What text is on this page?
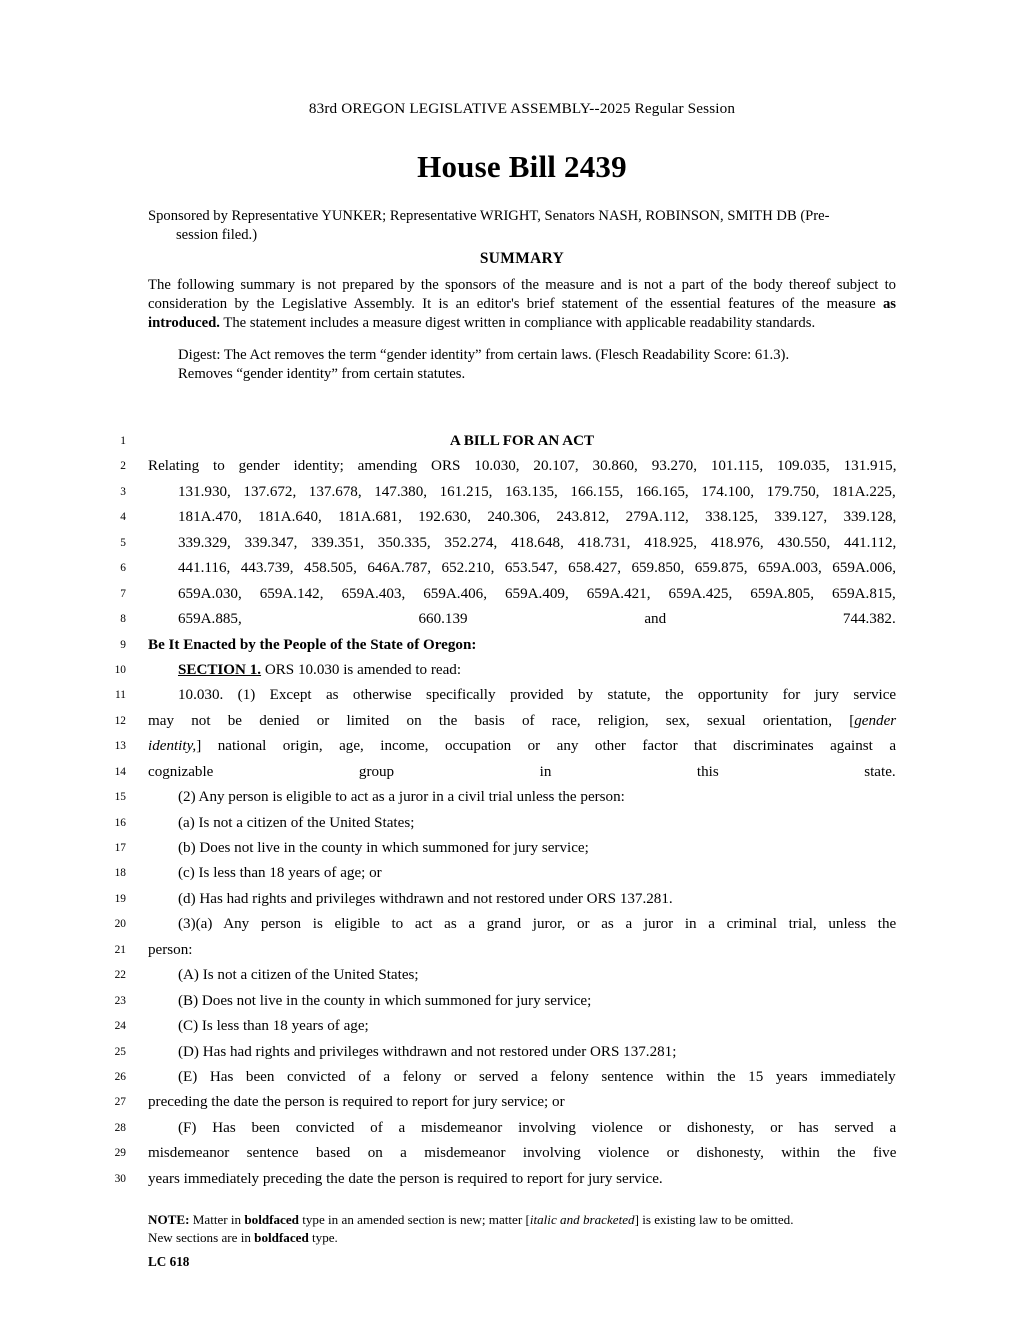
83rd OREGON LEGISLATIVE ASSEMBLY--2025 Regular Session
House Bill 2439
Sponsored by Representative YUNKER; Representative WRIGHT, Senators NASH, ROBINSON, SMITH DB (Pre-
session filed.)
SUMMARY

The following summary is not prepared by the sponsors of the measure and is not a part of the body thereof subject to consideration by the Legislative Assembly. It is an editor's brief statement of the essential features of the measure as introduced. The statement includes a measure digest written in compliance with applicable readability standards.

Digest: The Act removes the term “gender identity” from certain laws. (Flesch Readability Score: 61.3).

Removes “gender identity” from certain statutes.

1	A BILL FOR AN ACT
2 Relating to gender identity; amending ORS 10.030, 20.107, 30.860, 93.270, 101.115, 109.035, 131.915,
3	131.930, 137.672, 137.678, 147.380, 161.215, 163.135, 166.155, 166.165, 174.100, 179.750, 181A.225,
4	181A.470, 181A.640, 181A.681, 192.630, 240.306, 243.812, 279A.112, 338.125, 339.127, 339.128,
5	339.329, 339.347, 339.351, 350.335, 352.274, 418.648, 418.731, 418.925, 418.976, 430.550, 441.112,
6	441.116, 443.739, 458.505, 646A.787, 652.210, 653.547, 658.427, 659.850, 659.875, 659A.003, 659A.006,
7	659A.030, 659A.142, 659A.403, 659A.406, 659A.409, 659A.421, 659A.425, 659A.805, 659A.815,
8	659A.885, 660.139 and 744.382.
9 Be It Enacted by the People of the State of Oregon:
10	SECTION 1. ORS 10.030 is amended to read:
11	10.030. (1) Except as otherwise specifically provided by statute, the opportunity for jury service
12 may not be denied or limited on the basis of race, religion, sex, sexual orientation, [gender
13 identity,] national origin, age, income, occupation or any other factor that discriminates against a
14 cognizable group in this state.
15	(2) Any person is eligible to act as a juror in a civil trial unless the person:
16	(a) Is not a citizen of the United States;
17	(b) Does not live in the county in which summoned for jury service;
18	(c) Is less than 18 years of age; or
19	(d) Has had rights and privileges withdrawn and not restored under ORS 137.281.
20	(3)(a) Any person is eligible to act as a grand juror, or as a juror in a criminal trial, unless the
21 person:
22	(A) Is not a citizen of the United States;
23	(B) Does not live in the county in which summoned for jury service;
24	(C) Is less than 18 years of age;
25	(D) Has had rights and privileges withdrawn and not restored under ORS 137.281;
26	(E) Has been convicted of a felony or served a felony sentence within the 15 years immediately
27 preceding the date the person is required to report for jury service; or
28	(F) Has been convicted of a misdemeanor involving violence or dishonesty, or has served a
29 misdemeanor sentence based on a misdemeanor involving violence or dishonesty, within the five
30 years immediately preceding the date the person is required to report for jury service.

NOTE: Matter in boldfaced type in an amended section is new; matter [italic and bracketed] is existing law to be omitted.

New sections are in boldfaced type.

LC 618
